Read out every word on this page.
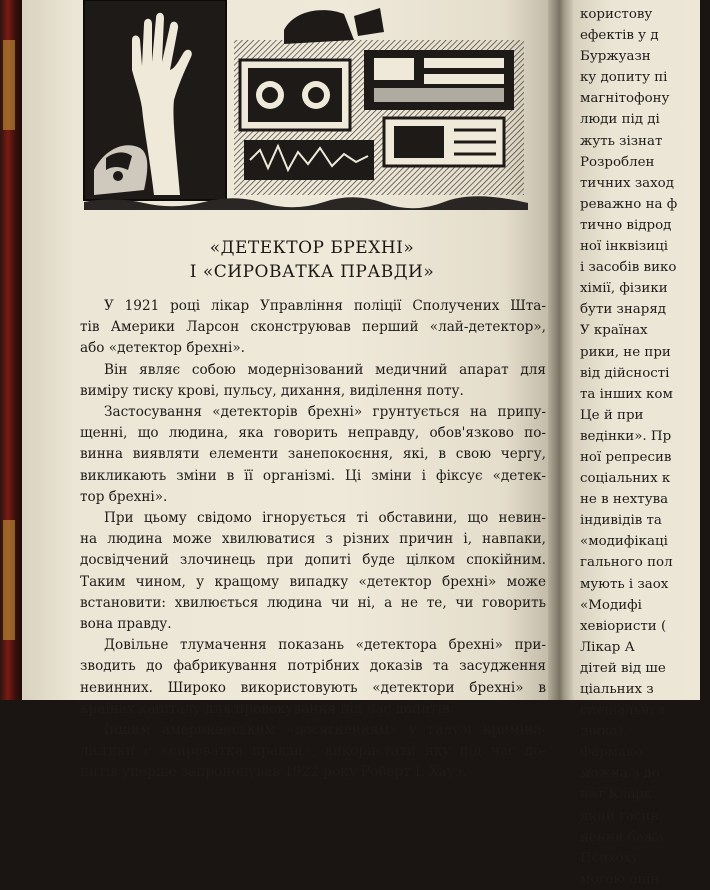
«ДЕТЕКТОР БРЕХНІ»
І «СИРОВАТКА ПРАВДИ»
У 1921 році лікар Управління поліції Сполучених Шта-
тів Америки Ларсон сконструював перший «лай-детектор»,
або «детектор брехні».
Він являє собою модернізований медичний апарат для
виміру тиску крові, пульсу, дихання, виділення поту.
Застосування «детекторів брехні» грунтується на припу-
щенні, що людина, яка говорить неправду, обов'язково по-
винна виявляти елементи занепокоєння, які, в свою чергу,
викликають зміни в її організмі. Ці зміни і фіксує «детек-
тор брехні».
При цьому свідомо ігнорується ті обставини, що невин-
на людина може хвилюватися з різних причин і, навпаки,
досвідчений злочинець при допиті буде цілком спокійним.
Таким чином, у кращому випадку «детектор брехні» може
встановити: хвилюється людина чи ні, а не те, чи говорить
вона правду.
Довільне тлумачення показань «детектора брехні» при-
зводить до фабрикування потрібних доказів та засудження
невинних. Широко використовують «детектори брехні» в
країнах капіталу для провокування під час допитів.
Іншим американським «досягненням» у галузі криміна-
лістики є «сироватка правди», використати яку під час до-
питів уперше запропонував 1922 року Роберт І. Хауз.
користову
ефектів у д
Буржуазн
ку допиту пі
магнітофону
люди під ді
жуть зізнат
Розроблен
тичних заход
реважно на ф
тично відрод
ної інквізиці
і засобів вико
хімії, фізики
бути знаряд
У країнах
рики, не при
від дійсності
та інших ком
Це й при
ведінки». Пр
ної репресив
соціальних к
не в нехтува
індивідів та
«модифікаці
гального пол
мують і заох
«Модифі
хевіористи (
Лікар А
дітей від ше
ціальних з
спеціальні т
дінка).
Фармако
можна з до
нат Кларк
який гасив
нення бажа
Психоху
могою оцін
